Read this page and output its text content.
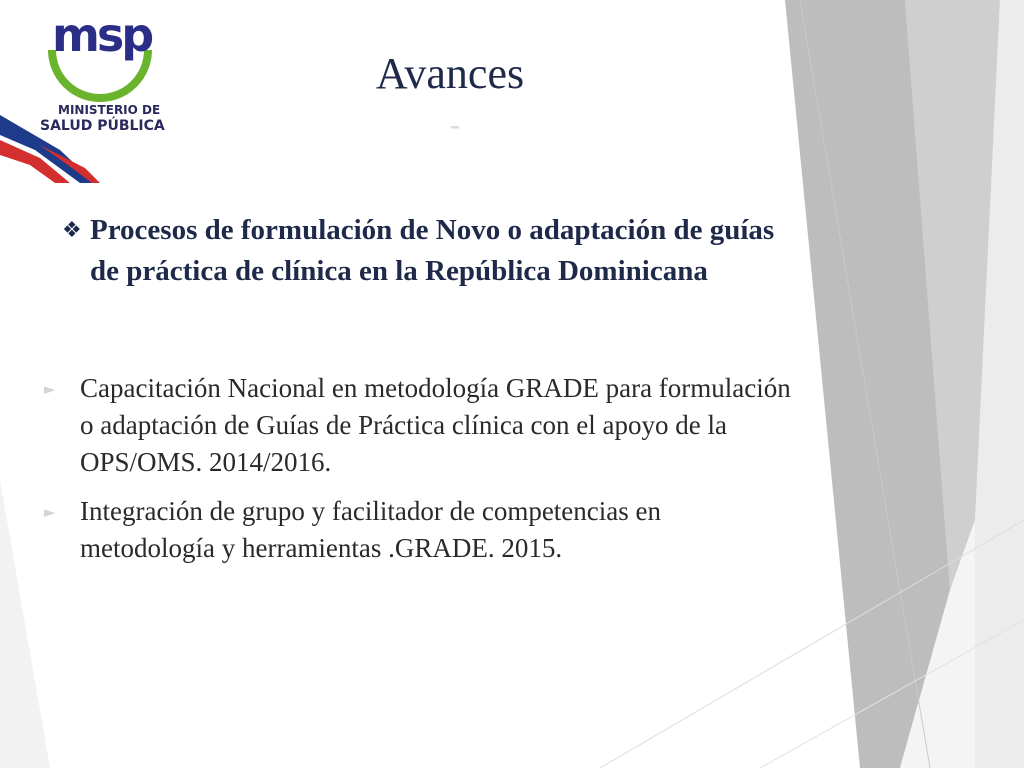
msp
MINISTERIO DE
SALUD PÚBLICA
Avances
-
❖ Procesos de formulación de Novo o adaptación de guías de práctica de clínica en la República Dominicana
► Capacitación Nacional en metodología GRADE para formulación o adaptación de Guías de Práctica clínica con el apoyo de la OPS/OMS. 2014/2016.
► Integración de grupo y facilitador de competencias en metodología y herramientas .GRADE. 2015.
